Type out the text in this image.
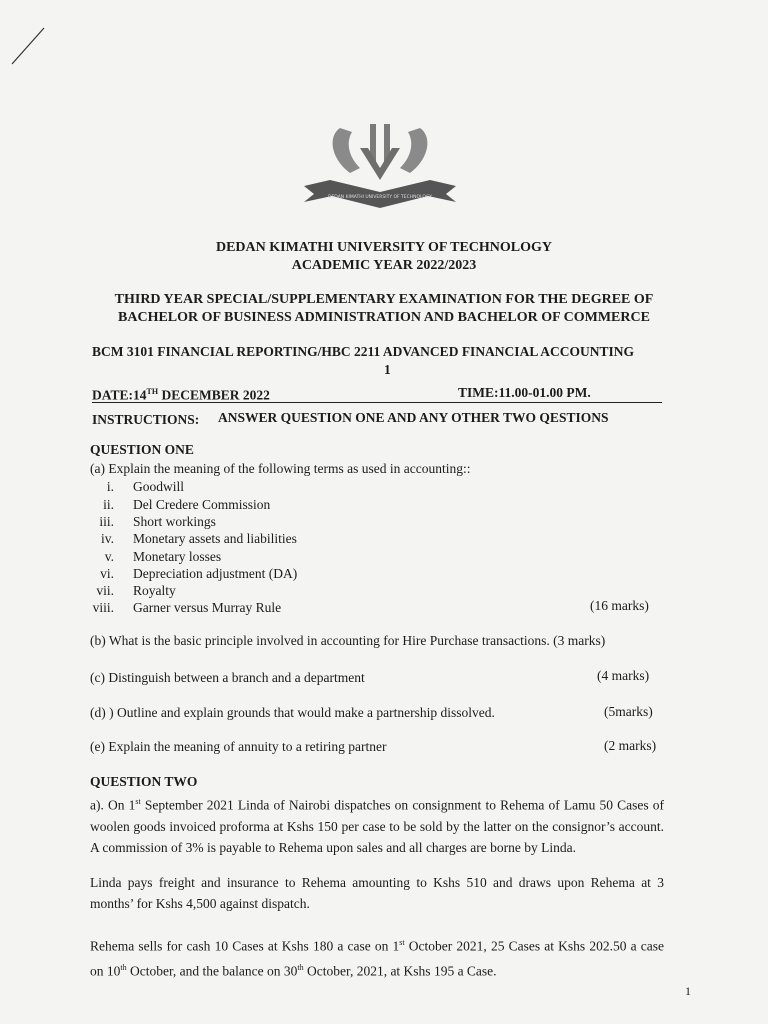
DEDAN KIMATHI UNIVERSITY OF TECHNOLOGY
DEDAN KIMATHI UNIVERSITY OF TECHNOLOGY
ACADEMIC YEAR 2022/2023
THIRD YEAR SPECIAL/SUPPLEMENTARY EXAMINATION FOR THE DEGREE OF
BACHELOR OF BUSINESS ADMINISTRATION AND BACHELOR OF COMMERCE
BCM 3101 FINANCIAL REPORTING/HBC 2211 ADVANCED FINANCIAL ACCOUNTING
1
DATE:14TH DECEMBER 2022	TIME:11.00-01.00 PM.
INSTRUCTIONS: ANSWER QUESTION ONE AND ANY OTHER TWO QESTIONS
QUESTION ONE
(a) Explain the meaning of the following terms as used in accounting::
i. Goodwill
ii. Del Credere Commission
iii. Short workings
iv. Monetary assets and liabilities
v. Monetary losses
vi. Depreciation adjustment (DA)
vii. Royalty
viii. Garner versus Murray Rule	(16 marks)
(b) What is the basic principle involved in accounting for Hire Purchase transactions. (3 marks)
(c) Distinguish between a branch and a department	(4 marks)
(d) ) Outline and explain grounds that would make a partnership dissolved.	(5marks)
(e) Explain the meaning of annuity to a retiring partner	(2 marks)
QUESTION TWO
a). On 1st September 2021 Linda of Nairobi dispatches on consignment to Rehema of Lamu 50 Cases of woolen goods invoiced proforma at Kshs 150 per case to be sold by the latter on the consignor’s account. A commission of 3% is payable to Rehema upon sales and all charges are borne by Linda.
Linda pays freight and insurance to Rehema amounting to Kshs 510 and draws upon Rehema at 3 months’ for Kshs 4,500 against dispatch.
Rehema sells for cash 10 Cases at Kshs 180 a case on 1st October 2021, 25 Cases at Kshs 202.50 a case on 10th October, and the balance on 30th October, 2021, at Kshs 195 a Case.
1
